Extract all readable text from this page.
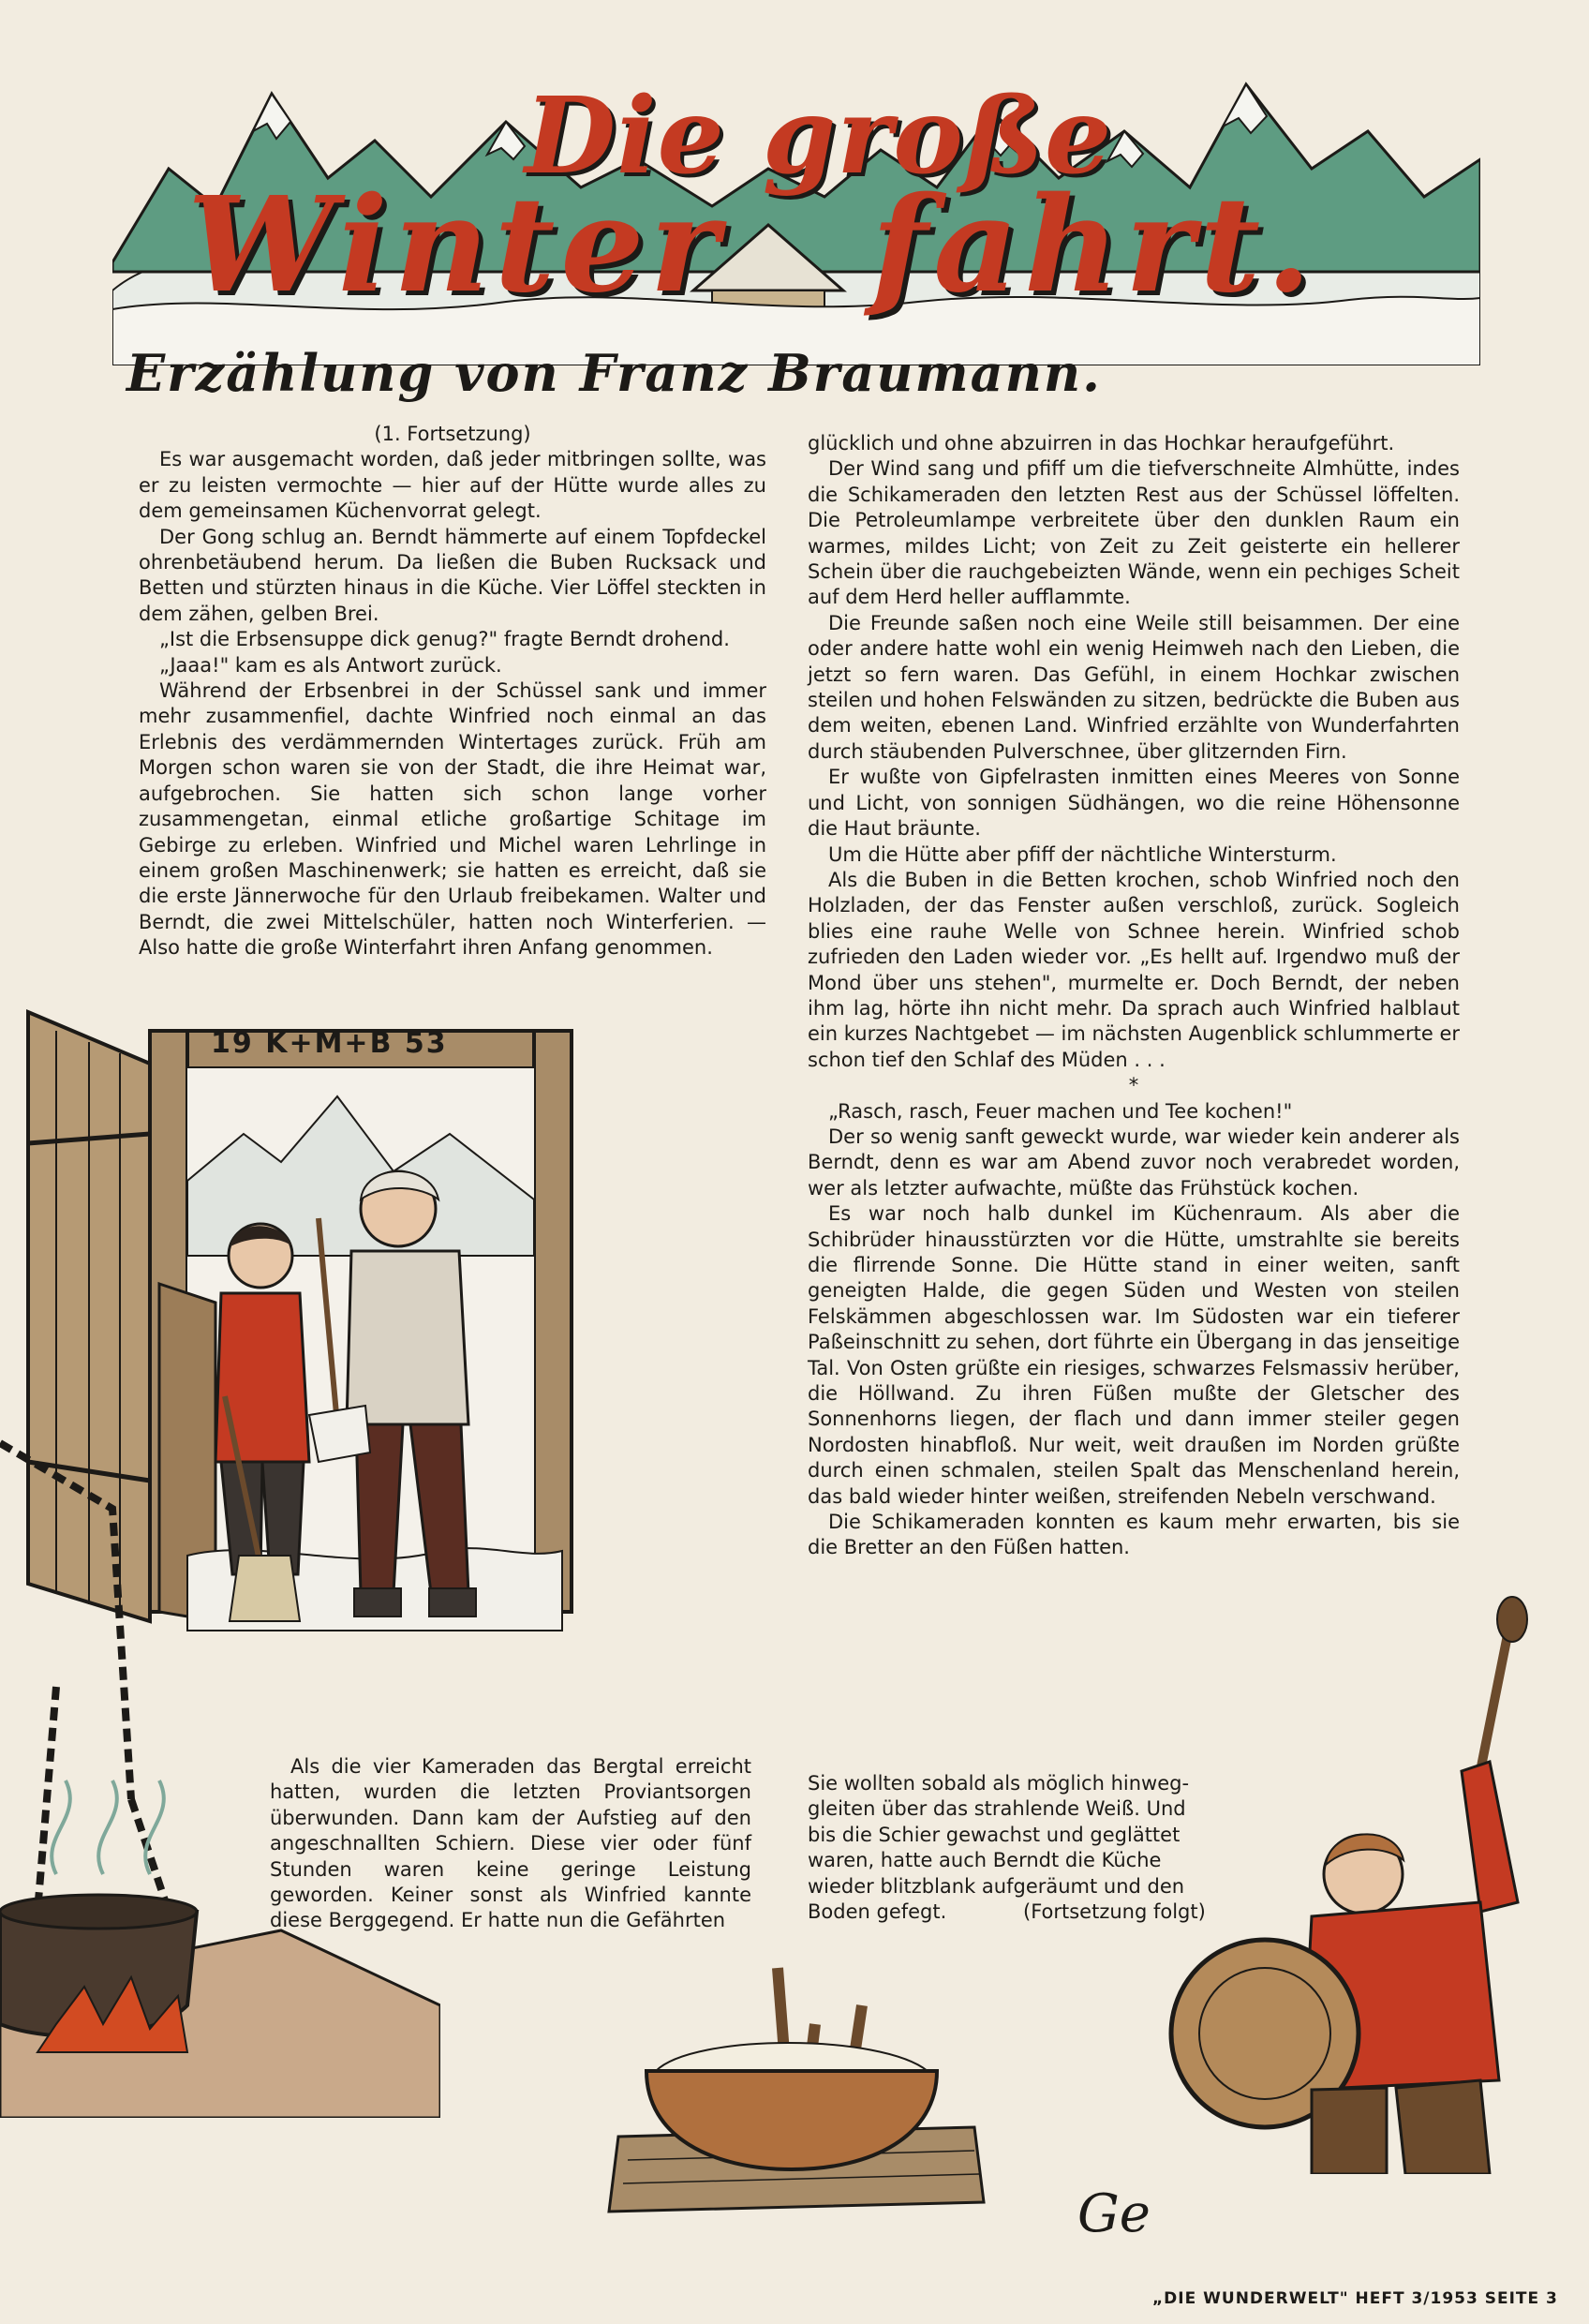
Die große
Winter fahrt.
Erzählung von Franz Braumann.

(1. Fortsetzung)

Es war ausgemacht worden, daß jeder mitbringen sollte, was er zu leisten vermochte — hier auf der Hütte wurde alles zu dem gemeinsamen Küchenvorrat gelegt.

Der Gong schlug an. Berndt hämmerte auf einem Topfdeckel ohrenbetäubend herum. Da ließen die Buben Rucksack und Betten und stürzten hinaus in die Küche. Vier Löffel steckten in dem zähen, gelben Brei.

„Ist die Erbsensuppe dick genug?" fragte Berndt drohend.

„Jaaa!" kam es als Antwort zurück.

Während der Erbsenbrei in der Schüssel sank und immer mehr zusammenfiel, dachte Winfried noch einmal an das Erlebnis des verdämmernden Wintertages zurück. Früh am Morgen schon waren sie von der Stadt, die ihre Heimat war, aufgebrochen. Sie hatten sich schon lange vorher zusammengetan, einmal etliche großartige Schitage im Gebirge zu erleben. Winfried und Michel waren Lehrlinge in einem großen Maschinenwerk; sie hatten es erreicht, daß sie die erste Jännerwoche für den Urlaub freibekamen. Walter und Berndt, die zwei Mittelschüler, hatten noch Winterferien. — Also hatte die große Winterfahrt ihren Anfang genommen.

19 K+M+B 53

Als die vier Kameraden das Bergtal erreicht hatten, wurden die letzten Proviantsorgen überwunden. Dann kam der Aufstieg auf den angeschnallten Schiern. Diese vier oder fünf Stunden waren keine geringe Leistung geworden. Keiner sonst als Winfried kannte diese Berggegend. Er hatte nun die Gefährten

glücklich und ohne abzuirren in das Hochkar heraufgeführt.

Der Wind sang und pfiff um die tiefverschneite Almhütte, indes die Schikameraden den letzten Rest aus der Schüssel löffelten. Die Petroleumlampe verbreitete über den dunklen Raum ein warmes, mildes Licht; von Zeit zu Zeit geisterte ein hellerer Schein über die rauchgebeizten Wände, wenn ein pechiges Scheit auf dem Herd heller aufflammte.

Die Freunde saßen noch eine Weile still beisammen. Der eine oder andere hatte wohl ein wenig Heimweh nach den Lieben, die jetzt so fern waren. Das Gefühl, in einem Hochkar zwischen steilen und hohen Felswänden zu sitzen, bedrückte die Buben aus dem weiten, ebenen Land. Winfried erzählte von Wunderfahrten durch stäubenden Pulverschnee, über glitzernden Firn.

Er wußte von Gipfelrasten inmitten eines Meeres von Sonne und Licht, von sonnigen Südhängen, wo die reine Höhensonne die Haut bräunte.

Um die Hütte aber pfiff der nächtliche Wintersturm.

Als die Buben in die Betten krochen, schob Winfried noch den Holzladen, der das Fenster außen verschloß, zurück. Sogleich blies eine rauhe Welle von Schnee herein. Winfried schob zufrieden den Laden wieder vor. „Es hellt auf. Irgendwo muß der Mond über uns stehen", murmelte er. Doch Berndt, der neben ihm lag, hörte ihn nicht mehr. Da sprach auch Winfried halblaut ein kurzes Nachtgebet — im nächsten Augenblick schlummerte er schon tief den Schlaf des Müden . . .

*

„Rasch, rasch, Feuer machen und Tee kochen!"

Der so wenig sanft geweckt wurde, war wieder kein anderer als Berndt, denn es war am Abend zuvor noch verabredet worden, wer als letzter aufwachte, müßte das Frühstück kochen.

Es war noch halb dunkel im Küchenraum. Als aber die Schibrüder hinausstürzten vor die Hütte, umstrahlte sie bereits die flirrende Sonne. Die Hütte stand in einer weiten, sanft geneigten Halde, die gegen Süden und Westen von steilen Felskämmen abgeschlossen war. Im Südosten war ein tieferer Paßeinschnitt zu sehen, dort führte ein Übergang in das jenseitige Tal. Von Osten grüßte ein riesiges, schwarzes Felsmassiv herüber, die Höllwand. Zu ihren Füßen mußte der Gletscher des Sonnenhorns liegen, der flach und dann immer steiler gegen Nordosten hinabfloß. Nur weit, weit draußen im Norden grüßte durch einen schmalen, steilen Spalt das Menschenland herein, das bald wieder hinter weißen, streifenden Nebeln verschwand.

Die Schikameraden konnten es kaum mehr erwarten, bis sie die Bretter an den Füßen hatten.

Sie wollten sobald als möglich hinweg-
gleiten über das strahlende Weiß. Und
bis die Schier gewachst und geglättet
waren, hatte auch Berndt die Küche
wieder blitzblank aufgeräumt und den
Boden gefegt.	(Fortsetzung folgt)
Ge
„DIE WUNDERWELT" HEFT 3/1953 SEITE 3
